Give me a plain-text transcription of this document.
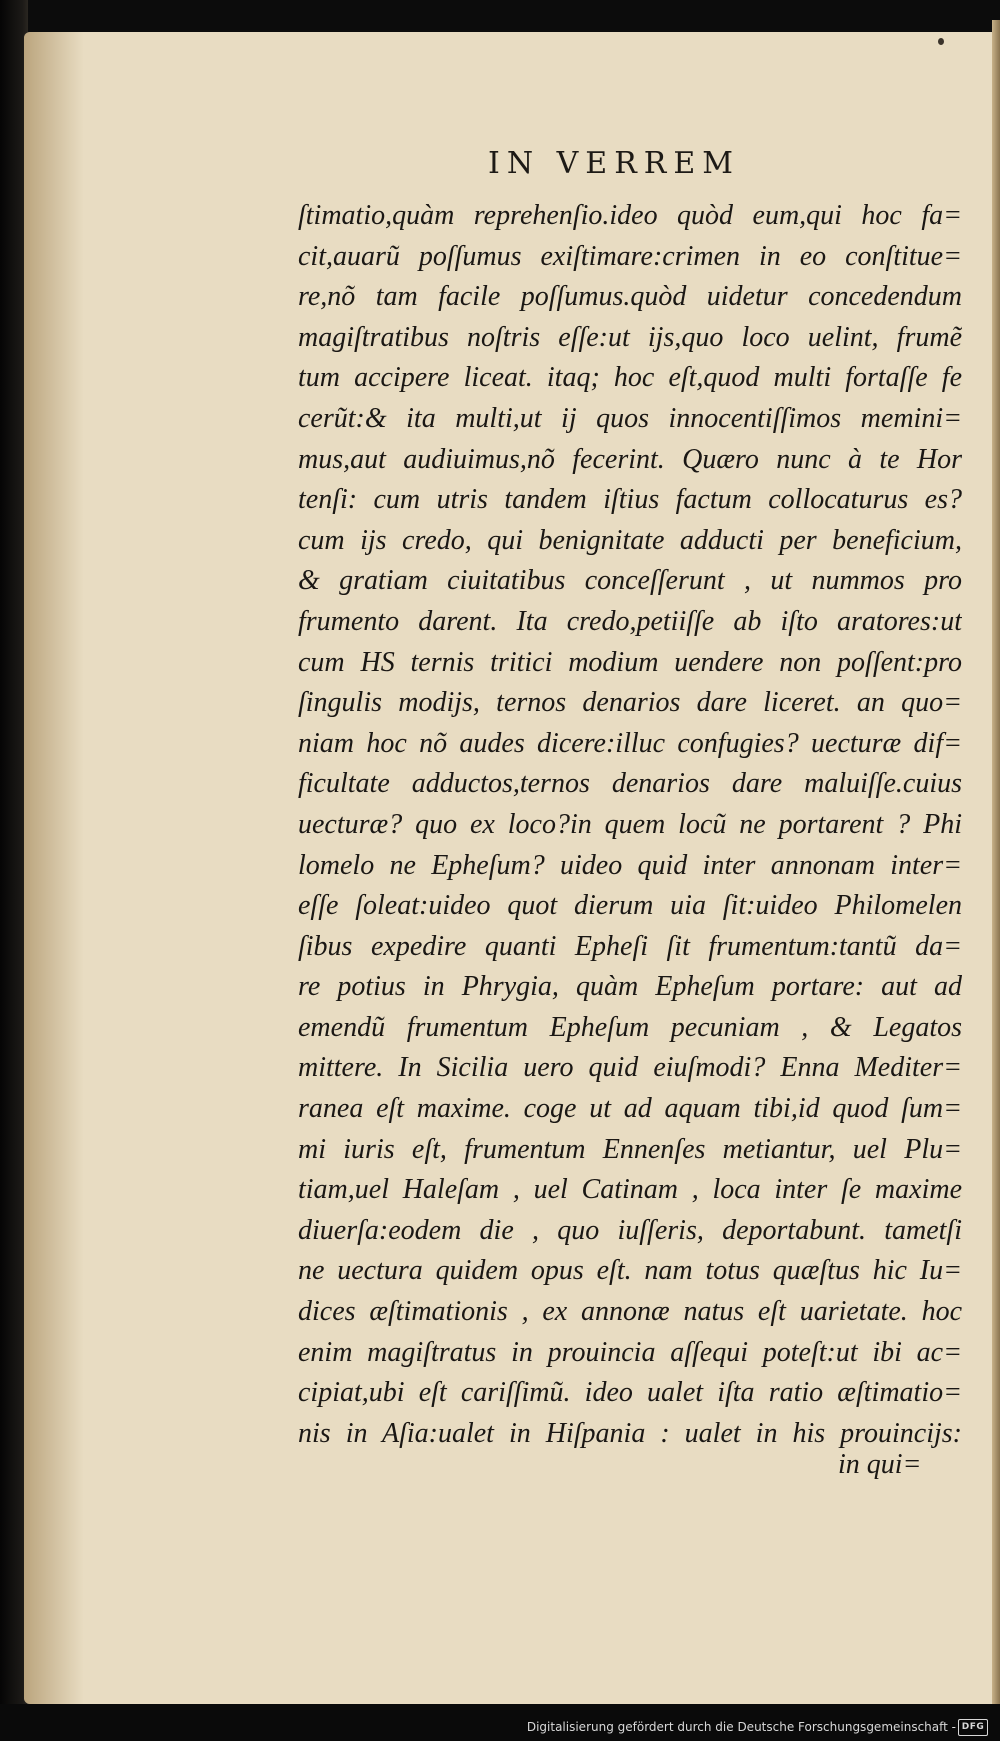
IN VERREM
ſtimatio,quàm reprehenſio.ideo quòd eum,qui hoc fa=
cit,auarũ poſſumus exiſtimare:crimen in eo conſtitue=
re,nõ tam facile poſſumus.quòd uidetur concedendum
magiſtratibus noſtris eſſe:ut ijs,quo loco uelint, frumẽ
tum accipere liceat. itaq; hoc eſt,quod multi fortaſſe fe
cerũt:& ita multi,ut ij quos innocentiſſimos memini=
mus,aut audiuimus,nõ fecerint. Quæro nunc à te Hor
tenſi: cum utris tandem iſtius factum collocaturus es?
cum ijs credo, qui benignitate adducti per beneficium,
& gratiam ciuitatibus conceſſerunt , ut nummos pro
frumento darent. Ita credo,petiiſſe ab iſto aratores:ut
cum HS ternis tritici modium uendere non poſſent:pro
ſingulis modijs, ternos denarios dare liceret. an quo=
niam hoc nõ audes dicere:illuc confugies? uecturæ dif=
ficultate adductos,ternos denarios dare maluiſſe.cuius
uecturæ? quo ex loco?in quem locũ ne portarent ? Phi
lomelo ne Epheſum? uideo quid inter annonam inter=
eſſe ſoleat:uideo quot dierum uia ſit:uideo Philomelen
ſibus expedire quanti Epheſi ſit frumentum:tantũ da=
re potius in Phrygia, quàm Epheſum portare: aut ad
emendũ frumentum Epheſum pecuniam , & Legatos
mittere. In Sicilia uero quid eiuſmodi? Enna Mediter=
ranea eſt maxime. coge ut ad aquam tibi,id quod ſum=
mi iuris eſt, frumentum Ennenſes metiantur, uel Plu=
tiam,uel Haleſam , uel Catinam , loca inter ſe maxime
diuerſa:eodem die , quo iuſſeris, deportabunt. tametſi
ne uectura quidem opus eſt. nam totus quæſtus hic Iu=
dices æſtimationis , ex annonæ natus eſt uarietate. hoc
enim magiſtratus in prouincia aſſequi poteſt:ut ibi ac=
cipiat,ubi eſt cariſſimũ. ideo ualet iſta ratio æſtimatio=
nis in Aſia:ualet in Hiſpania : ualet in his prouincijs:
in qui=
Digitalisierung gefördert durch die Deutsche Forschungsgemeinschaft - DFG
